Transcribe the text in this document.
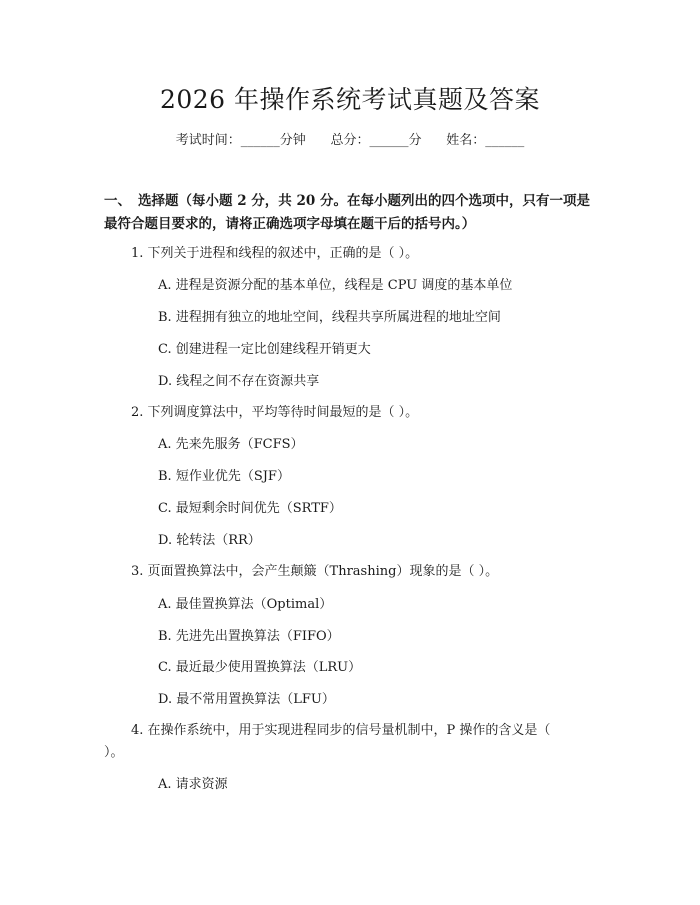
2026 年操作系统考试真题及答案
考试时间：______分钟      总分：______分      姓名：______
一、 选择题（每小题 2 分，共 20 分。在每小题列出的四个选项中，只有一项是最符合题目要求的，请将正确选项字母填在题干后的括号内。）
1. 下列关于进程和线程的叙述中，正确的是（ ）。
A. 进程是资源分配的基本单位，线程是 CPU 调度的基本单位
B. 进程拥有独立的地址空间，线程共享所属进程的地址空间
C. 创建进程一定比创建线程开销更大
D. 线程之间不存在资源共享
2. 下列调度算法中，平均等待时间最短的是（ ）。
A. 先来先服务（FCFS）
B. 短作业优先（SJF）
C. 最短剩余时间优先（SRTF）
D. 轮转法（RR）
3. 页面置换算法中，会产生颠簸（Thrashing）现象的是（ ）。
A. 最佳置换算法（Optimal）
B. 先进先出置换算法（FIFO）
C. 最近最少使用置换算法（LRU）
D. 最不常用置换算法（LFU）
4. 在操作系统中，用于实现进程同步的信号量机制中，P 操作的含义是（ ）。
A. 请求资源
